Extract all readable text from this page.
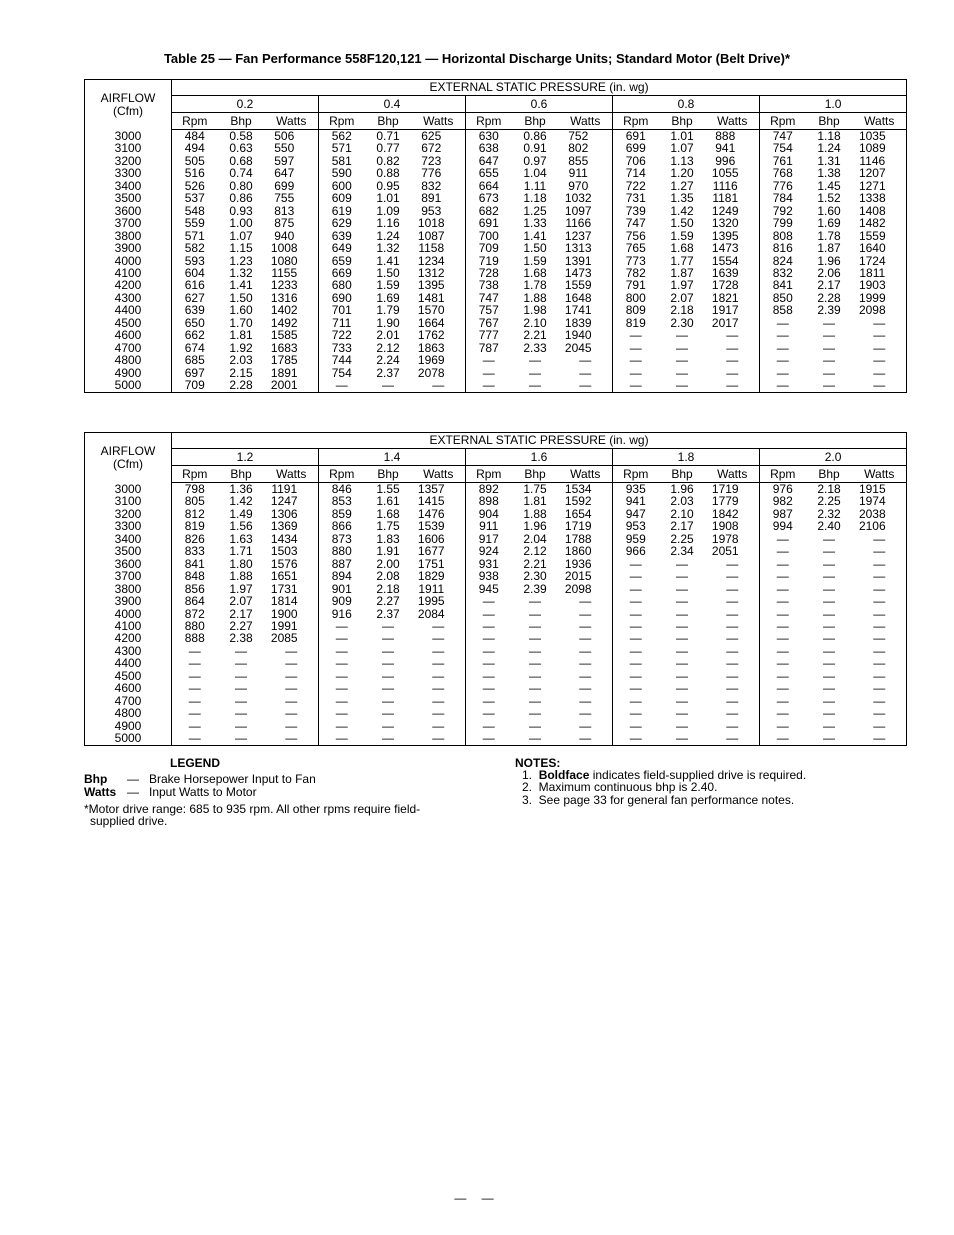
Table 25 — Fan Performance 558F120,121 — Horizontal Discharge Units; Standard Motor (Belt Drive)*
AIRFLOW
(Cfm)	EXTERNAL STATIC PRESSURE (in. wg)														
	0.2			0.4			0.6			0.8			1.0		
	Rpm	Bhp	Watts	Rpm	Bhp	Watts	Rpm	Bhp	Watts	Rpm	Bhp	Watts	Rpm	Bhp	Watts
3000	484	0.58	506	562	0.71	625	630	0.86	752	691	1.01	888	747	1.18	1035
3100	494	0.63	550	571	0.77	672	638	0.91	802	699	1.07	941	754	1.24	1089
3200	505	0.68	597	581	0.82	723	647	0.97	855	706	1.13	996	761	1.31	1146
3300	516	0.74	647	590	0.88	776	655	1.04	911	714	1.20	1055	768	1.38	1207
3400	526	0.80	699	600	0.95	832	664	1.11	970	722	1.27	1116	776	1.45	1271
3500	537	0.86	755	609	1.01	891	673	1.18	1032	731	1.35	1181	784	1.52	1338
3600	548	0.93	813	619	1.09	953	682	1.25	1097	739	1.42	1249	792	1.60	1408
3700	559	1.00	875	629	1.16	1018	691	1.33	1166	747	1.50	1320	799	1.69	1482
3800	571	1.07	940	639	1.24	1087	700	1.41	1237	756	1.59	1395	808	1.78	1559
3900	582	1.15	1008	649	1.32	1158	709	1.50	1313	765	1.68	1473	816	1.87	1640
4000	593	1.23	1080	659	1.41	1234	719	1.59	1391	773	1.77	1554	824	1.96	1724
4100	604	1.32	1155	669	1.50	1312	728	1.68	1473	782	1.87	1639	832	2.06	1811
4200	616	1.41	1233	680	1.59	1395	738	1.78	1559	791	1.97	1728	841	2.17	1903
4300	627	1.50	1316	690	1.69	1481	747	1.88	1648	800	2.07	1821	850	2.28	1999
4400	639	1.60	1402	701	1.79	1570	757	1.98	1741	809	2.18	1917	858	2.39	2098
4500	650	1.70	1492	711	1.90	1664	767	2.10	1839	819	2.30	2017	—	—	—
4600	662	1.81	1585	722	2.01	1762	777	2.21	1940	—	—	—	—	—	—
4700	674	1.92	1683	733	2.12	1863	787	2.33	2045	—	—	—	—	—	—
4800	685	2.03	1785	744	2.24	1969	—	—	—	—	—	—	—	—	—
4900	697	2.15	1891	754	2.37	2078	—	—	—	—	—	—	—	—	—
5000	709	2.28	2001	—	—	—	—	—	—	—	—	—	—	—	—
AIRFLOW
(Cfm)	EXTERNAL STATIC PRESSURE (in. wg)														
	1.2			1.4			1.6			1.8			2.0		
	Rpm	Bhp	Watts	Rpm	Bhp	Watts	Rpm	Bhp	Watts	Rpm	Bhp	Watts	Rpm	Bhp	Watts
3000	798	1.36	1191	846	1.55	1357	892	1.75	1534	935	1.96	1719	976	2.18	1915
3100	805	1.42	1247	853	1.61	1415	898	1.81	1592	941	2.03	1779	982	2.25	1974
3200	812	1.49	1306	859	1.68	1476	904	1.88	1654	947	2.10	1842	987	2.32	2038
3300	819	1.56	1369	866	1.75	1539	911	1.96	1719	953	2.17	1908	994	2.40	2106
3400	826	1.63	1434	873	1.83	1606	917	2.04	1788	959	2.25	1978	—	—	—
3500	833	1.71	1503	880	1.91	1677	924	2.12	1860	966	2.34	2051	—	—	—
3600	841	1.80	1576	887	2.00	1751	931	2.21	1936	—	—	—	—	—	—
3700	848	1.88	1651	894	2.08	1829	938	2.30	2015	—	—	—	—	—	—
3800	856	1.97	1731	901	2.18	1911	945	2.39	2098	—	—	—	—	—	—
3900	864	2.07	1814	909	2.27	1995	—	—	—	—	—	—	—	—	—
4000	872	2.17	1900	916	2.37	2084	—	—	—	—	—	—	—	—	—
4100	880	2.27	1991	—	—	—	—	—	—	—	—	—	—	—	—
4200	888	2.38	2085	—	—	—	—	—	—	—	—	—	—	—	—
4300	—	—	—	—	—	—	—	—	—	—	—	—	—	—	—
4400	—	—	—	—	—	—	—	—	—	—	—	—	—	—	—
4500	—	—	—	—	—	—	—	—	—	—	—	—	—	—	—
4600	—	—	—	—	—	—	—	—	—	—	—	—	—	—	—
4700	—	—	—	—	—	—	—	—	—	—	—	—	—	—	—
4800	—	—	—	—	—	—	—	—	—	—	—	—	—	—	—
4900	—	—	—	—	—	—	—	—	—	—	—	—	—	—	—
5000	—	—	—	—	—	—	—	—	—	—	—	—	—	—	—
LEGEND
Bhp — Brake Horsepower Input to Fan
Watts — Input Watts to Motor
*Motor drive range: 685 to 935 rpm. All other rpms require field-
supplied drive.
NOTES:
1. Boldface indicates field-supplied drive is required.
2.  Maximum continuous bhp is 2.40.
3.  See page 33 for general fan performance notes.
— —
